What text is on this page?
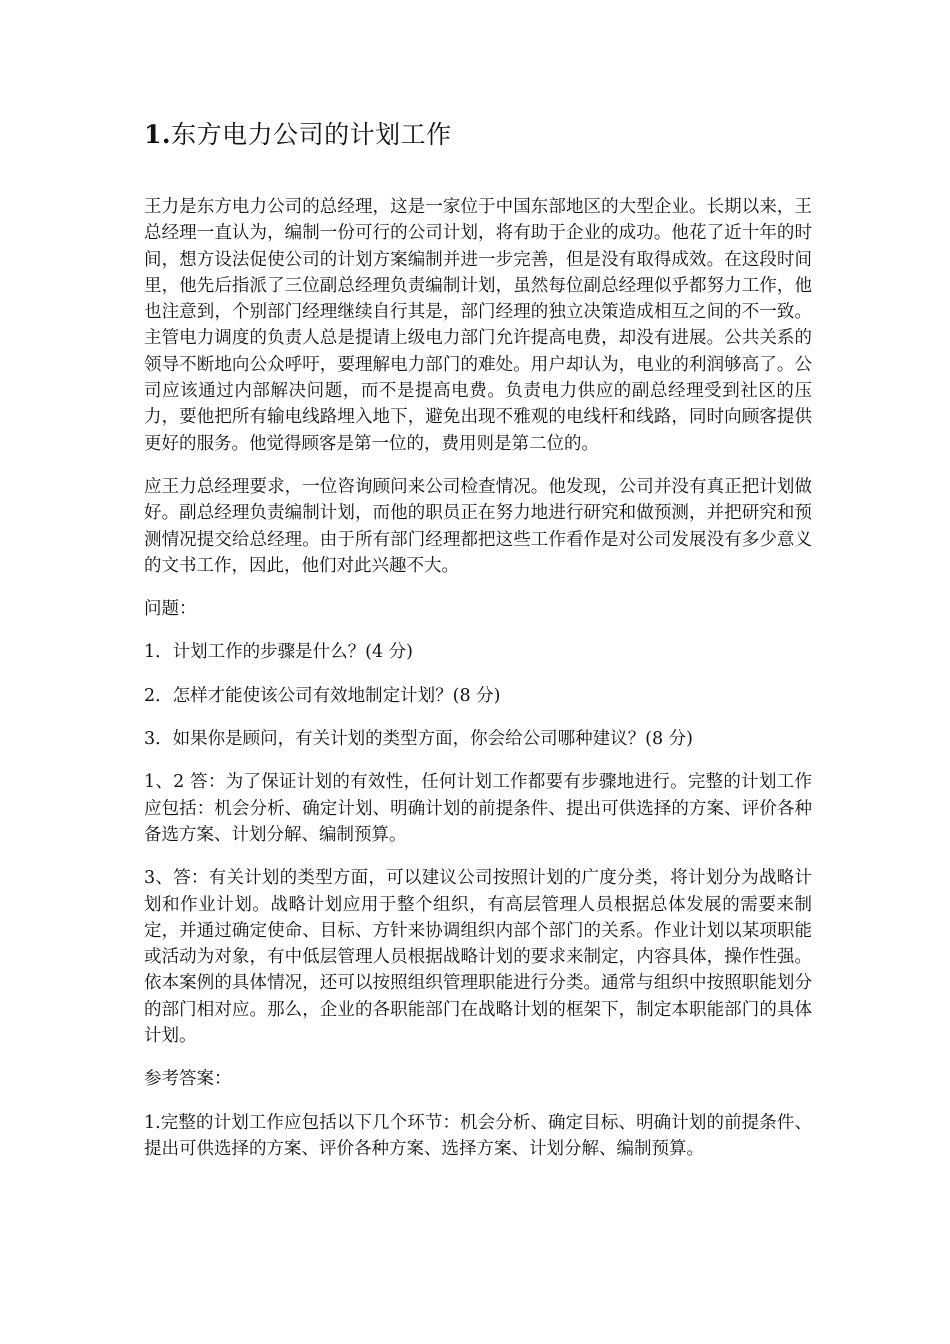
1.东方电力公司的计划工作

王力是东方电力公司的总经理，这是一家位于中国东部地区的大型企业。长期以来，王总经理一直认为，编制一份可行的公司计划，将有助于企业的成功。他花了近十年的时间，想方设法促使公司的计划方案编制并进一步完善，但是没有取得成效。在这段时间里，他先后指派了三位副总经理负责编制计划，虽然每位副总经理似乎都努力工作，他也注意到，个别部门经理继续自行其是，部门经理的独立决策造成相互之间的不一致。主管电力调度的负责人总是提请上级电力部门允许提高电费，却没有进展。公共关系的领导不断地向公众呼吁，要理解电力部门的难处。用户却认为，电业的利润够高了。公司应该通过内部解决问题，而不是提高电费。负责电力供应的副总经理受到社区的压力，要他把所有输电线路埋入地下，避免出现不雅观的电线杆和线路，同时向顾客提供更好的服务。他觉得顾客是第一位的，费用则是第二位的。

应王力总经理要求，一位咨询顾问来公司检查情况。他发现，公司并没有真正把计划做好。副总经理负责编制计划，而他的职员正在努力地进行研究和做预测，并把研究和预测情况提交给总经理。由于所有部门经理都把这些工作看作是对公司发展没有多少意义的文书工作，因此，他们对此兴趣不大。

问题：

1．计划工作的步骤是什么？(4 分)

2．怎样才能使该公司有效地制定计划？(8 分)

3．如果你是顾问，有关计划的类型方面，你会给公司哪种建议？(8 分)

1、2 答：为了保证计划的有效性，任何计划工作都要有步骤地进行。完整的计划工作应包括：机会分析、确定计划、明确计划的前提条件、提出可供选择的方案、评价各种备选方案、计划分解、编制预算。

3、答：有关计划的类型方面，可以建议公司按照计划的广度分类，将计划分为战略计划和作业计划。战略计划应用于整个组织，有高层管理人员根据总体发展的需要来制定，并通过确定使命、目标、方针来协调组织内部个部门的关系。作业计划以某项职能或活动为对象，有中低层管理人员根据战略计划的要求来制定，内容具体，操作性强。依本案例的具体情况，还可以按照组织管理职能进行分类。通常与组织中按照职能划分的部门相对应。那么，企业的各职能部门在战略计划的框架下，制定本职能部门的具体计划。

参考答案：

1.完整的计划工作应包括以下几个环节：机会分析、确定目标、明确计划的前提条件、提出可供选择的方案、评价各种方案、选择方案、计划分解、编制预算。
